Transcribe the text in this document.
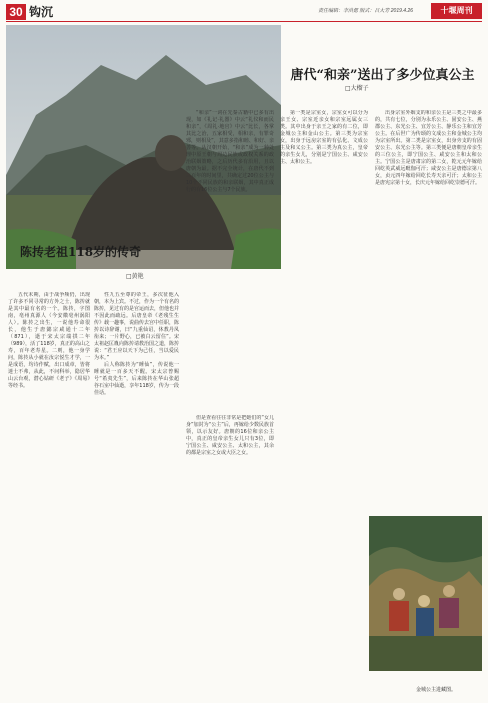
30 钩沉	责任编辑：李洪偲 版式：吕大芳 2019.4.26	十堰周刊
唐代“和亲”送出了多少位真公主
□大榴子
陈抟老祖118岁的传奇
□黄艳

五代末期，由于战争频仍，出现了许多不同寻常的方外之士，陈抟就是其中最有名的一个。陈抟，字图南，亳州真源人（今安徽亳州涡阳人）。陈抟之出生，一说他寿命很长，他生于唐懿宗咸通十二年（871），逝于宋太宗端拱二年（989），活了118岁，真正的高山之寿，百年老寿星。二则，他一身学问，陈抟从小就在汝宗悦生才学，一是成语，均诗作赋，出口成章，皆将迷士不弗，从此，不问科举，隐居华山云台观，潜心钻研《老子》《周易》等经书。

性九五至尊的帝王，多次征他入朝，本为上宾。不过，作为一个有名的陈抟，见过有的是官运而去，但他也并不因此而疏远。后唐皇帝《老残生生传》载一趣事，说曲传去宫中任职，陈抟以诗辞谢，曰“九重仙诏，休教丹凤衔来；一片野心，已被白云留住”。宋太祖赵匡胤向陈抟请教治国之道，陈抟说：“君王应以天下为己任，当以爱民为本。”

后人称陈抟为“睡仙”，传说他一睡就是一百多天不醒。宋太宗曾赐号“希夷先生”，后来陈抟在华山张超谷石室中仙逝，享年118岁，传为一段佳话。

“和亲”一词在先秦古籍中已多有出现，如《礼记·礼器》中云“礼仪和而民和亲”，《周礼·地官》中云“比长，各掌其比之治，五家相受，相和亲，有罪奇邪，则相及”，其意多指和睦、和好、亲善等。从汉朝开始，“和亲”成为一种处理中原王朝与周边民族或政权关系的政治联姻策略，之后历代多有沿用，且以唐朝为最。据不完全统计，在唐代不到三百年的时间里，共确定过20位公主与10个不同民族的和亲联姻，其中真正成行的有16位公主与7个民族。

但是查看往往非常是把她们的“女儿身”加封为“公主”后，再嫁给少数民族首领，以示友好。唐朝的16位和亲公主中，真正的皇帝亲生女儿只有3位，即宁国公主、咸安公主、太和公主，其余的都是宗室之女或大臣之女。

第一类是宗室女，宗室女可以分为亲王女、宗室近亲女和宗室远属女三类。其中出身于亲王之家的有二位，即金城公主和金山公主。第三类为宗室女，出身于远房宗室的有弘化、文成公主及和义公主。第三类为真公主，皇帝的亲生女儿，分别是宁国公主、咸安公主、太和公主。

出身宗室外姻支的和亲公主是三类之中最多的，共有七位，分别为永乐公主、固安公主、燕郡公主、东光公主、宜芳公主、静乐公主和宜芳公主。在后世广为传颂的文成公主和金城公主均为宗室所出。第二类是宗室女，出身旁支的有固安公主、东光公主等。第三类便是唐朝皇帝亲生的三位公主，即宁国公主、咸安公主和太和公主。宁国公主是唐肃宗的第二女，乾元元年嫁给回纥英武威远毗伽可汗；咸安公主是唐德宗第八女，贞元四年嫁给回纥长寿天亲可汗；太和公主是唐宪宗第十女，长庆元年嫁给回纥崇德可汗。

金城公主进藏图。
